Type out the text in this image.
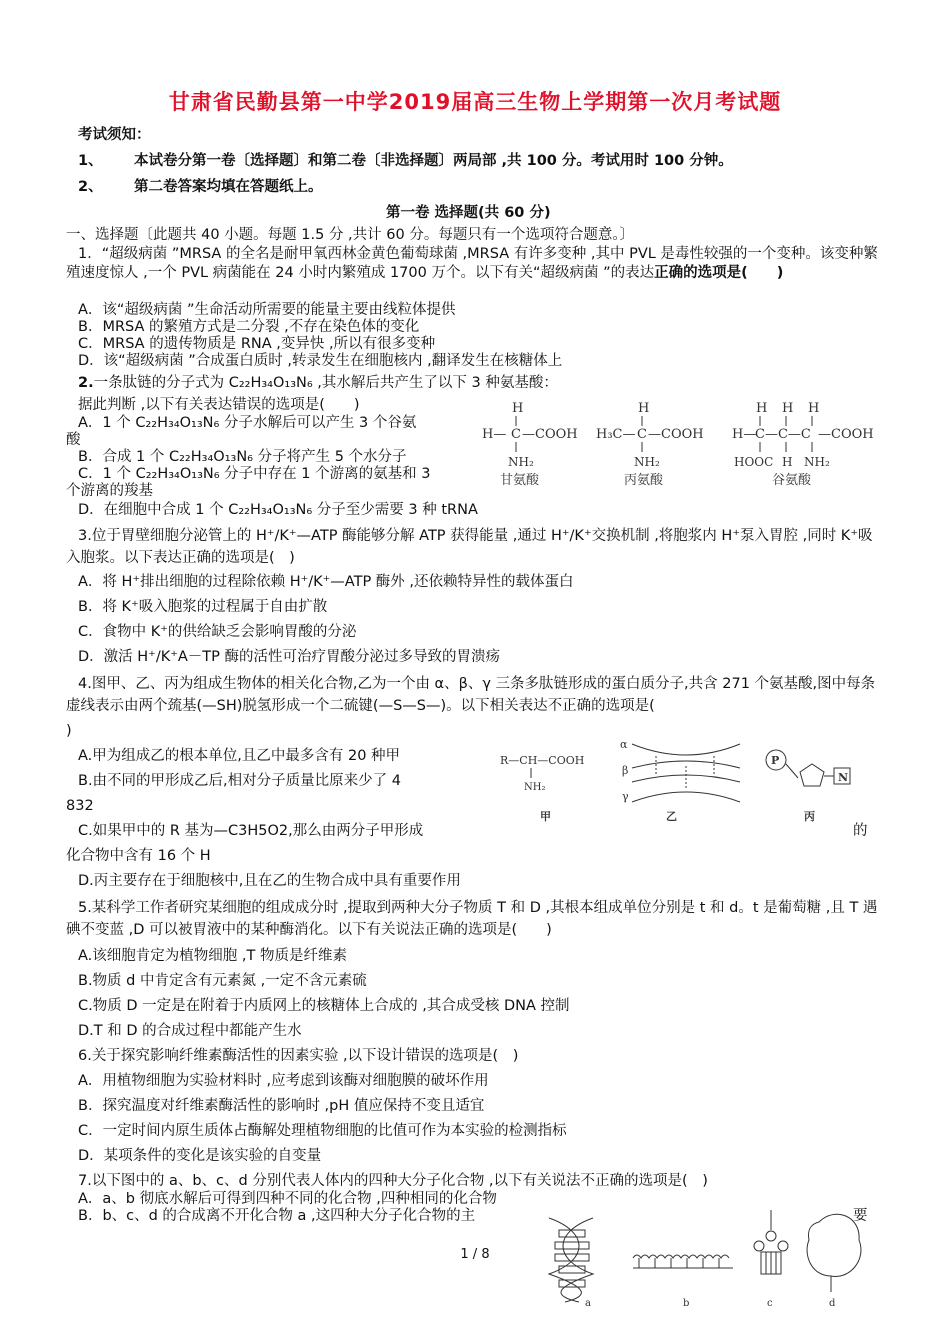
甘肃省民勤县第一中学2019届高三生物上学期第一次月考试题
考试须知：
1、 本试卷分第一卷〔选择题〕和第二卷〔非选择题〕两局部 ,共 100 分。考试用时 100 分钟。
2、 第二卷答案均填在答题纸上。
第一卷 选择题(共 60 分)
一、选择题〔此题共 40 小题。每题 1.5 分 ,共计 60 分。每题只有一个选项符合题意。〕
1．“超级病菌 ”MRSA 的全名是耐甲氧西林金黄色葡萄球菌 ,MRSA 有许多变种 ,其中 PVL 是毒性较强的一个变种。该变种繁殖速度惊人 ,一个 PVL 病菌能在 24 小时内繁殖成 1700 万个。以下有关“超级病菌 ”的表达正确的选项是(　　)
A．该“超级病菌 ”生命活动所需要的能量主要由线粒体提供
B．MRSA 的繁殖方式是二分裂 ,不存在染色体的变化
C．MRSA 的遗传物质是 RNA ,变异快 ,所以有很多变种
D．该“超级病菌 ”合成蛋白质时 ,转录发生在细胞核内 ,翻译发生在核糖体上
2.一条肽链的分子式为 C₂₂H₃₄O₁₃N₆ ,其水解后共产生了以下 3 种氨基酸：
据此判断 ,以下有关表达错误的选项是(　　)
A．1 个 C₂₂H₃₄O₁₃N₆ 分子水解后可以产生 3 个谷氨
酸
B．合成 1 个 C₂₂H₃₄O₁₃N₆ 分子将产生 5 个水分子
C．1 个 C₂₂H₃₄O₁₃N₆ 分子中存在 1 个游离的氨基和 3
个游离的羧基
D．在细胞中合成 1 个 C₂₂H₃₄O₁₃N₆ 分子至少需要 3 种 tRNA
H
H— C —COOH
NH₂
甘氨酸
H
H₃C— C —COOH
NH₂
丙氨酸
H H H
H—
C—C—C —COOH
HOOC H NH₂
谷氨酸
3.位于胃壁细胞分泌管上的 H⁺/K⁺—ATP 酶能够分解 ATP 获得能量 ,通过 H⁺/K⁺交换机制 ,将胞浆内 H⁺泵入胃腔 ,同时 K⁺吸入胞浆。以下表达正确的选项是(　)
A．将 H⁺排出细胞的过程除依赖 H⁺/K⁺—ATP 酶外 ,还依赖特异性的载体蛋白
B．将 K⁺吸入胞浆的过程属于自由扩散
C．食物中 K⁺的供给缺乏会影响胃酸的分泌
D．激活 H⁺/K⁺A－TP 酶的活性可治疗胃酸分泌过多导致的胃溃疡
4.图甲、乙、丙为组成生物体的相关化合物,乙为一个由 α、β、γ 三条多肽链形成的蛋白质分子,共含 271 个氨基酸,图中每条虚线表示由两个巯基(—SH)脱氢形成一个二硫键(—S—S—)。以下相关表达不正确的选项是(
)
A.甲为组成乙的根本单位,且乙中最多含有 20 种甲
B.由不同的甲形成乙后,相对分子质量比原来少了 4
832
C.如果甲中的 R 基为—C3H5O2,那么由两分子甲形成	的
化合物中含有 16 个 H
D.丙主要存在于细胞核中,且在乙的生物合成中具有重要作用
R—CH—COOH
NH₂
甲
α
β
γ
乙
P
N
丙
5.某科学工作者研究某细胞的组成成分时 ,提取到两种大分子物质 T 和 D ,其根本组成单位分别是 t 和 d。t 是葡萄糖 ,且 T 遇碘不变蓝 ,D 可以被胃液中的某种酶消化。以下有关说法正确的选项是(　　)
A.该细胞肯定为植物细胞 ,T 物质是纤维素
B.物质 d 中肯定含有元素氮 ,一定不含元素硫
C.物质 D 一定是在附着于内质网上的核糖体上合成的 ,其合成受核 DNA 控制
D.T 和 D 的合成过程中都能产生水
6.关于探究影响纤维素酶活性的因素实验 ,以下设计错误的选项是(　)
A．用植物细胞为实验材料时 ,应考虑到该酶对细胞膜的破坏作用
B．探究温度对纤维素酶活性的影响时 ,pH 值应保持不变且适宜
C．一定时间内原生质体占酶解处理植物细胞的比值可作为本实验的检测指标
D．某项条件的变化是该实验的自变量
7.以下图中的 a、b、c、d 分别代表人体内的四种大分子化合物 ,以下有关说法不正确的选项是(　)
A．a、b 彻底水解后可得到四种不同的化合物 ,四种相同的化合物
B．b、c、d 的合成离不开化合物 a ,这四种大分子化合物的主	要
a	b	c	d
1 / 8
